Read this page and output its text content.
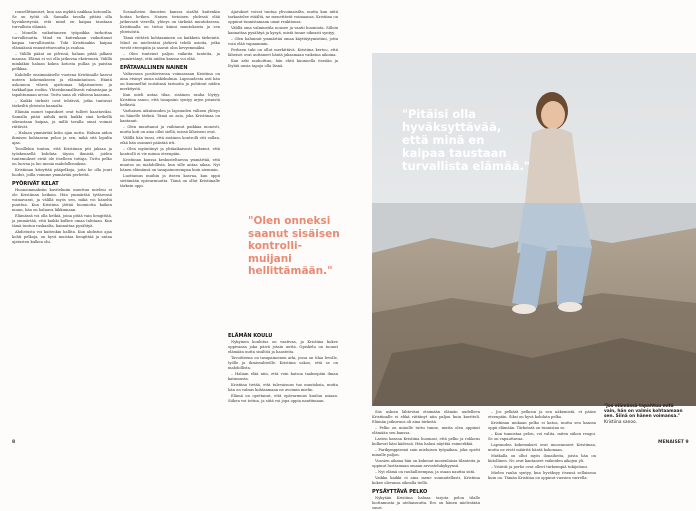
ronsellittamiset, kun saa mykitä naikkaa kotouulla. Se on työtä oli. Samalla tavalla pitäisi olla hyvinkertyvää, että mind en kaipaa taustaan turvallista elämää.

– Monelle vaikuttaneen työpaikka turkottaa turvallisuutta. Mind en kuitenkaan vaikuttanut kaipaa turvallisuutta. Toki Kristiinakin kaipaa elämäänsä ennustettavuutta ja rauhaa.

– Välillä pääni on pilvissä, haluan pitää jalkani maassa. Elämä ei voi olla jatkuvaa ekstremeä. Välillä minkäkin haluan kokea kotosta pullaa ja paistaa pelkkaa.

Kahdelle ensimmäiselle vuotena Kristiinalle kasvoi uuteen kokemukseen ja elämäntaitoon. Häntä uskonnon vihreä ajattomaa hiljaisuuteen ja tarkkailijan rooliin. Yhteiskunnallisesti valmistajan ja tapahtumaan arvoa. Tuttu sana oli välisena kaasuna.

– Kaikki tärkeät ovat tehtäviä, jotka tuntuvat tärkeiltä yhteisön kannalta.

Elämän monet tapaukset ovat tulleet haastaviksi. Samalla pitää nähdä mitä kaikki sinä hetkellä oikeastaan kaipaa, ja millä tavalla omat voimat riittävät.

– Haluan ymmärtää koko ajan uutta. Haluan aidon ihmisen kohtaavan pelon ja sen, mikä sitä lopulta ajaa.

Toisillekin tuntuu, että Kristiinan piti jaksaa ja työskennellä kohdata täysin ihmistä, joiden tuntemukset eivät ole itselleen tuttuja. Tuttu pelko on luovaa ja luo monia mahdollisuuksia.

Kristiinan kiteyttää pääpelkoja, joita he olla juuri luodut, joilla voimme ymmärtää perhettä.

PYÖRIVÄT KELAT

Huonoimmaksiin kuvitelmiin muuttuu mieleni ei ole Kristiinan heikoin. Hän ymmärtää tyttärensä voimavarat, ja välillä myös sen, mikä voi häneltä puuttua. Kun Kristiina jättää huomiotta kaiken muun, hän on haluava liikkumaan.

Elämässä voi olla hetkiä, joina pitää vain hengittää, ja ymmärtää, että kaikki kulkee omaa tahtiaan. Kun tämä tuntuu raskaalta, kannattaa pysähtyä.

Ahdistusta voi kuitenkin hallita. Kun ahdistus ajaa kohti pelkoja, on hyvä muistaa hengittää ja antaa ajatusten kulkea ohi.

Sosiaalisten ihmisten kanssa sisältä kuitenkin hoitaa hetken. Naisen tietoinen yhdessä elää jatkuvasti vierellä, yhteys on tärkeää muutoksessa. Kristiinalla on tietoa kiinni muutoksista ja sen yhteisöstä.

Tämä riittävä kohtaaminen on kaikkein tärkeintä. Mind on mielestäni järkevä tehdä asioita, jotka vievät eteenpäin ja saavat olon kevyemmäksi.

– Olen tuntenut paljon vaikeita tunteita, ja ymmärtänyt, että niiden kanssa voi elää.

EPÄTAVALLINEN NAINEN

Valtavassa positiivisessa voimassaan Kristiina on aina etsinyt uusia näkökulmia. Lapsuudesta asti hän on kuunnellut isoäitinsä tarinoita ja pohtinut niiden merkitystä.

Kun mieli antaa tilaa, sisäinen rauha löytyy. Kristiina sanoo, että tasapaino syntyy arjen pienistä hetkistä.

Varhaisen aikuisuuden ja lapsuuden välinen yhteys on hänelle tärkeä. Tämä on asia, joka Kristiinaa on kantanut.

– Olen muuttanut ja vaihtanut paikkaa monesti, mutta koti on aina ollut siellä, missä läheiseni ovat.

Välillä hän tunsi, että sisäinen kontrolli otti vallan, eikä hän osannut päästää irti.

– Olen myöntänyt ja yhtäaikaisesti kokenut, että kontrolli ei vie minua eteenpäin.

Kristiinan kanssa keskusteltaessa ymmärtää, että muutos on mahdollista, kun sille antaa aikaa. Nyt hänen elämänsä on tasapainoisempaa kuin aiemmin.

Luottamus muihin ja itseen kasvaa, kun oppii sietämään epävarmuutta. Tämä on ollut Kristiinalle tärkein oppi.

Ajatukset voivat tuntua ylivoimaisilta, mutta kun niitä tarkastelee etäältä, ne menettävät voimaansa. Kristiina on oppinut tunnistamaan omat reaktionsa.

Välillä oma valmiustila nousee ja vaatii huomiota. Silloin kannattaa pysähtyä ja kysyä, mistä tunne oikeasti syntyy.

– Olen halunnut ymmärtää omaa käyttäytymistäni, jotta voin elää vapaammin.

Perheen tuki on ollut merkittävä. Kristiina kertoo, että läheiset ovat auttaneet häntä jaksamaan vaikeina aikoina.

Kun arki rauhoittuu, hän ehtii kuunnella itseään ja löytää uusia tapoja olla läsnä.

ELÄMÄN KOULU

Nykyinen koulutus on vaativaa, ja Kristiina kokee oppivansa joka päivä jotain uutta. Opiskelu on tuonut elämään uutta sisältöä ja haasteita.

Tavoitteena on tasapainoinen arki, jossa on tilaa levolle, työlle ja ihmissuhteille. Kristiina uskoo, että se on mahdollista.

– Haluan elää niin, että voin katsoa taaksepäin ilman katumusta.

Kristiina tietää, että tulevaisuus tuo muutoksia, mutta hän on valmis kohtaamaan ne avoimin mielin.

Elämä on opettanut, että epävarmuus kuuluu asiaan. Siihen voi tottua, ja siitä voi jopa oppia nauttimaan.

"Olen onneksi saanut sisäisen kontrolli-muijani hellittämään."
8
"Pitäisi olla hyväksyttävää, että minä en kaipaa taustaan turvallista elämää."

Siis uskoin lähteväni etsimään elämän uudelleen Kristiinalle ei ehkä riittänyt niin paljon kuin kuvitteli. Elämän jatkuvuus oli aina tärkeää.

– Pelko on minulle tuttu tunne, mutta olen oppinut elämään sen kanssa.

Lasten kanssa Kristiina huomasi, että pelko ja rohkeus kulkevat käsi kädessä. Hän halusi näyttää esimerkkiä.

– Parikymppisenä sain mieluisen työpaikan, joka opetti minulle paljon.

Vuosien aikana hän on kokenut monenlaisia tilanteita ja oppinut luottamaan omaan arvostelukykyynsä.

– Nyt elämä on rauhallisempaa, ja osaan nauttia siitä.

Vaikka kaikki ei aina mene suunnitellusti, Kristiina kokee olevansa oikealla tiellä.

PYSÄYTTÄVÄ PELKO

Nykyään Kristiina haluaa tarjota pelon tilalle luottamusta ja uteliaisuutta. Ero on hänen mielestään suuri.

– Jos pelkäät pelkoon ja sen näkemistä, et pääse eteenpäin. Siksi on hyvä kohdata pelko.

Kristiinan mukaan pelko ei katoa, mutta sen kanssa oppii elämään. Tärkeintä on tunnistaa se.

– Kun tunnistaa pelon, voi valita, miten siihen reagoi. Se on vapauttavaa.

Lapsuuden kokemukset ovat muovanneet Kristiinaa, mutta ne eivät määritä häntä kokonaan.

Matkalla on ollut myös ilonaiheita, joista hän on kiitollinen. Ne ovat kantaneet vaikeiden aikojen yli.

– Ystävät ja perhe ovat olleet tärkeimpiä tukijoitani.

Mielen rauha syntyy, kun hyväksyy itsensä sellaisena kuin on. Tämän Kristiina on oppinut vuosien varrella.

"Jos elämässä tapahtuu mitä vain, hän on valmis kohtaamaan sen. Siinä on hänen voimansa." Kristiina sanoo.
MENAISET 9
